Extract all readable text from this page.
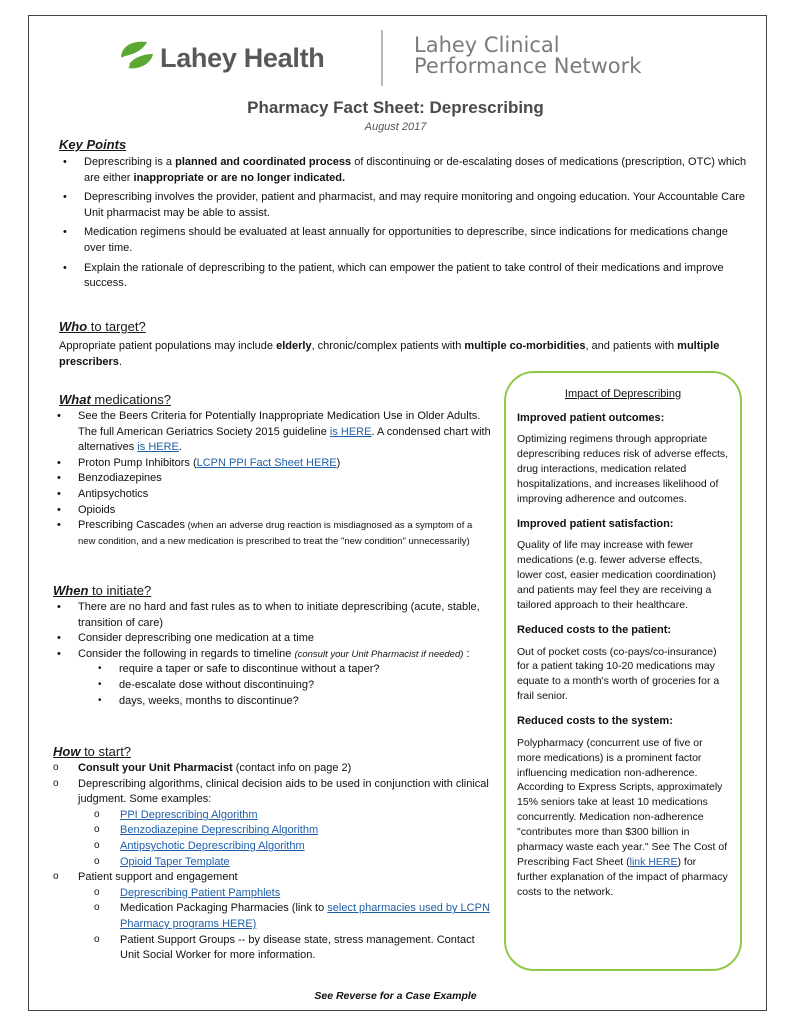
Lahey Health	Lahey Clinical
Performance Network
Pharmacy Fact Sheet: Deprescribing
August 2017
Key Points
• Deprescribing is a planned and coordinated process of discontinuing or de-escalating doses of medications (prescription, OTC) which are either inappropriate or are no longer indicated.
• Deprescribing involves the provider, patient and pharmacist, and may require monitoring and ongoing education. Your Accountable Care Unit pharmacist may be able to assist.
• Medication regimens should be evaluated at least annually for opportunities to deprescribe, since indications for medications change over time.
• Explain the rationale of deprescribing to the patient, which can empower the patient to take control of their medications and improve success.
Who to target?
Appropriate patient populations may include elderly, chronic/complex patients with multiple co-morbidities, and patients with multiple prescribers.
What medications?
• See the Beers Criteria for Potentially Inappropriate Medication Use in Older Adults. The full American Geriatrics Society 2015 guideline is HERE. A condensed chart with alternatives is HERE.
• Proton Pump Inhibitors (LCPN PPI Fact Sheet HERE)
• Benzodiazepines
• Antipsychotics
• Opioids
• Prescribing Cascades (when an adverse drug reaction is misdiagnosed as a symptom of a new condition, and a new medication is prescribed to treat the "new condition" unnecessarily)
When to initiate?
• There are no hard and fast rules as to when to initiate deprescribing (acute, stable, transition of care)
• Consider deprescribing one medication at a time
• Consider the following in regards to timeline (consult your Unit Pharmacist if needed) :
• require a taper or safe to discontinue without a taper?
• de-escalate dose without discontinuing?
• days, weeks, months to discontinue?
How to start?
o Consult your Unit Pharmacist (contact info on page 2)
o Deprescribing algorithms, clinical decision aids to be used in conjunction with clinical judgment. Some examples:
o PPI Deprescribing Algorithm
o Benzodiazepine Deprescribing Algorithm
o Antipsychotic Deprescribing Algorithm
o Opioid Taper Template
o Patient support and engagement
o Deprescribing Patient Pamphlets
o Medication Packaging Pharmacies (link to select pharmacies used by LCPN Pharmacy programs HERE)
o Patient Support Groups -- by disease state, stress management. Contact Unit Social Worker for more information.
Impact of Deprescribing
Improved patient outcomes:

Optimizing regimens through appropriate deprescribing reduces risk of adverse effects, drug interactions, medication related hospitalizations, and increases likelihood of improving adherence and outcomes.

Improved patient satisfaction:

Quality of life may increase with fewer medications (e.g. fewer adverse effects, lower cost, easier medication coordination) and patients may feel they are receiving a tailored approach to their healthcare.

Reduced costs to the patient:

Out of pocket costs (co-pays/co-insurance) for a patient taking 10-20 medications may equate to a month's worth of groceries for a frail senior.

Reduced costs to the system:

Polypharmacy (concurrent use of five or more medications) is a prominent factor influencing medication non-adherence. According to Express Scripts, approximately 15% seniors take at least 10 medications concurrently. Medication non-adherence "contributes more than $300 billion in pharmacy waste each year." See The Cost of Prescribing Fact Sheet (link HERE) for further explanation of the impact of pharmacy costs to the network.

See Reverse for a Case Example
